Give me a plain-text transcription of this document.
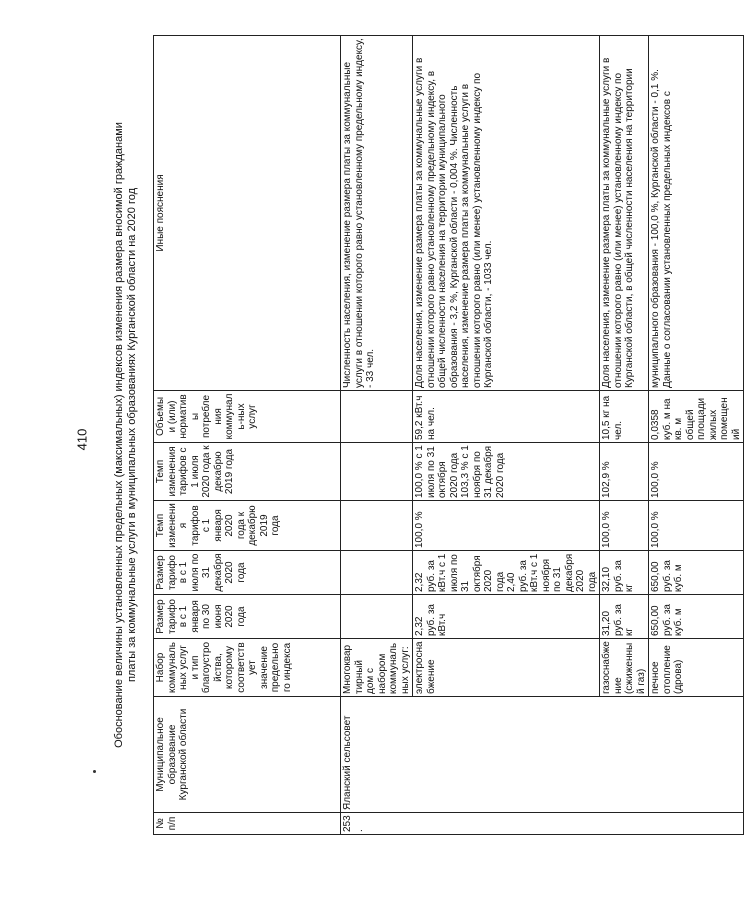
410 Обоснование величины установленных предельных (максимальных) индексов изменения размера вносимой гражданами платы за коммунальные услуги в муниципальных образованиях Курганской области на 2020 год
№ п/п	Муниципальное образование Курганской области	Набор коммунальных услуг и тип благоустройства, которому соответствует значение предельного индекса	Размер тарифов с 1 января по 30 июня 2020 года	Размер тарифов с 1 июля по 31 декабря 2020 года	Темп изменения тарифов с 1 января 2020 года к декабрю 2019 года	Темп изменения тарифов с 1 июля 2020 года к декабрю 2019 года	Объемы и (или) нормативы потребления коммуналь-ных услуг	Иные пояснения
253.	Яланский сельсовет	Многоквартирный дом с набором коммунальных услуг:						Численность населения, изменение размера платы за коммунальные услуги в отношении которого равно установленному предельному индексу, - 33 чел.
		электроснабжение	2,32 руб. за кВт.ч	2,32 руб. за кВт.ч с 1 июля по 31 октября 2020 года 2,40 руб. за кВт.ч с 1 ноября по 31 декабря 2020 года	100,0 %	100,0 % с 1 июля по 31 октября 2020 года 103,3 % с 1 ноября по 31 декабря 2020 года	59,2 кВт.ч на чел.	Доля населения, изменение размера платы за коммунальные услуги в отношении которого равно установленному предельному индексу, в общей численности населения на территории муниципального образования - 3,2 %, Курганской области - 0,004 %. Численность населения, изменение размера платы за коммунальные услуги в отношении которого равно (или менее) установленному индексу по Курганской области, - 1033 чел.
		газоснабжение (сжиженный газ)	31,20 руб. за кг	32,10 руб. за кг	100,0 %	102,9 %	10,5 кг на чел.	Доля населения, изменение размера платы за коммунальные услуги в отношении которого равно (или менее) установленному индексу по Курганской области, в общей численности населения на территории
		печное отопление (дрова)	650,00 руб. за куб. м	650,00 руб. за куб. м	100,0 %	100,0 %	0,0358 куб. м на кв. м общей площади жилых помещений	муниципального образования - 100,0 %, Курганской области - 0,1 %. Данные о согласовании установленных предельных индексов с
